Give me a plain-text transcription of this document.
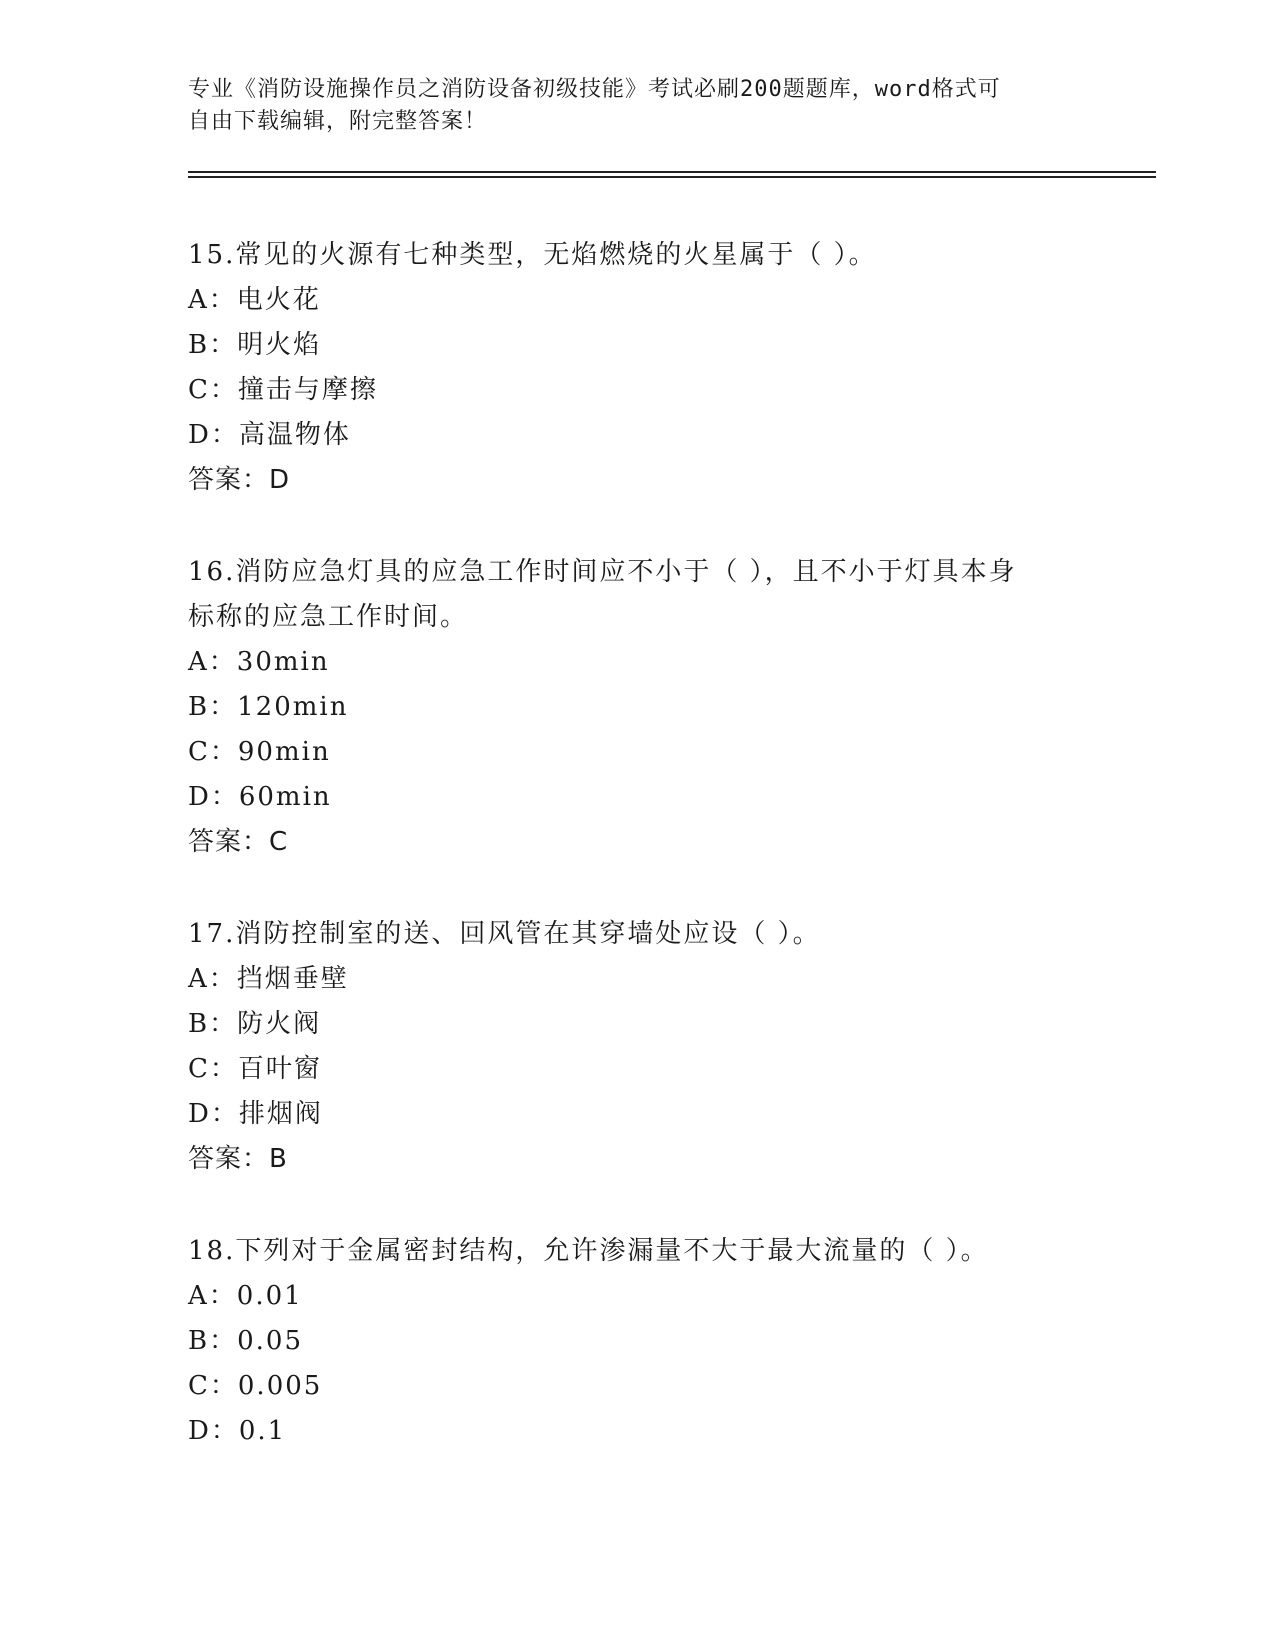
专业《消防设施操作员之消防设备初级技能》考试必刷200题题库，word格式可
自由下载编辑，附完整答案！
15.常见的火源有七种类型，无焰燃烧的火星属于（ ）。
A：电火花
B：明火焰
C：撞击与摩擦
D：高温物体
答案：D
16.消防应急灯具的应急工作时间应不小于（ ），且不小于灯具本身
标称的应急工作时间。
A：30min
B：120min
C：90min
D：60min
答案：C
17.消防控制室的送、回风管在其穿墙处应设（ ）。
A：挡烟垂壁
B：防火阀
C：百叶窗
D：排烟阀
答案：B
18.下列对于金属密封结构，允许渗漏量不大于最大流量的（ ）。
A：0.01
B：0.05
C：0.005
D：0.1
